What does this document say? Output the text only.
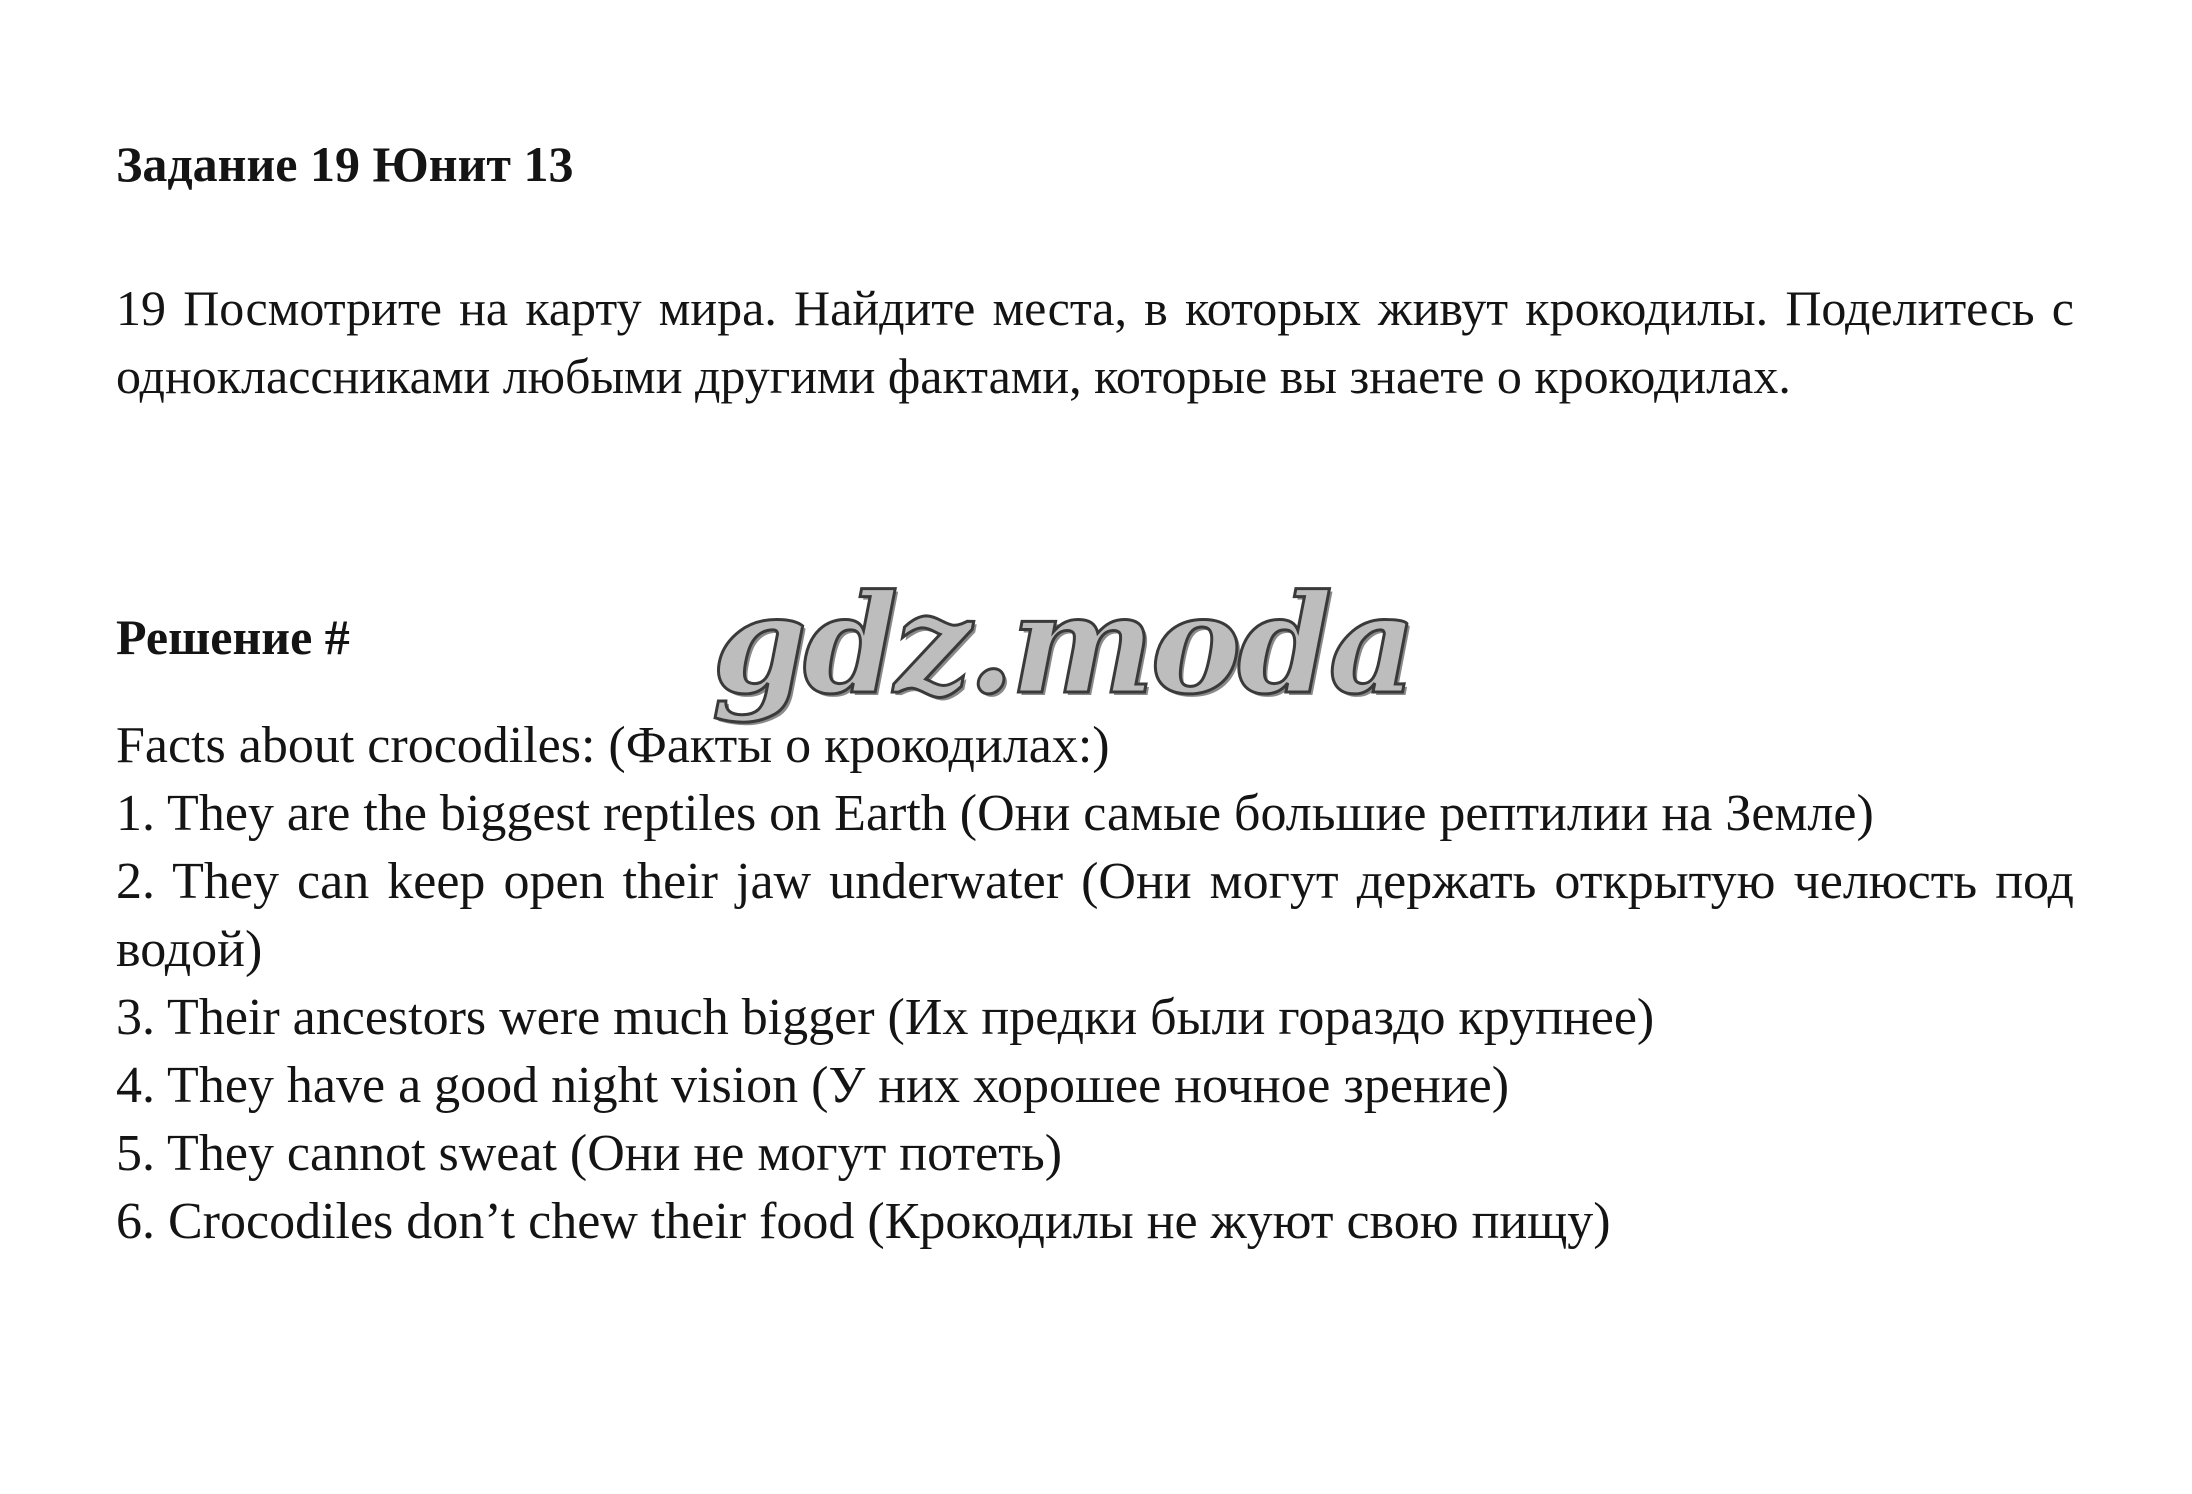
Задание 19 Юнит 13

19 Посмотрите на карту мира. Найдите места, в которых живут крокодилы. Поделитесь с одноклассниками любыми другими фактами, которые вы знаете о крокодилах.

Решение #	gdz.moda
Facts about crocodiles: (Факты о крокодилах:)
1. They are the biggest reptiles on Earth (Они самые большие рептилии на Земле)
2. They can keep open their jaw underwater (Они могут держать открытую челюсть под водой)
3. Their ancestors were much bigger (Их предки были гораздо крупнее)
4. They have a good night vision (У них хорошее ночное зрение)
5. They cannot sweat (Они не могут потеть)
6. Crocodiles don’t chew their food (Крокодилы не жуют свою пищу)
